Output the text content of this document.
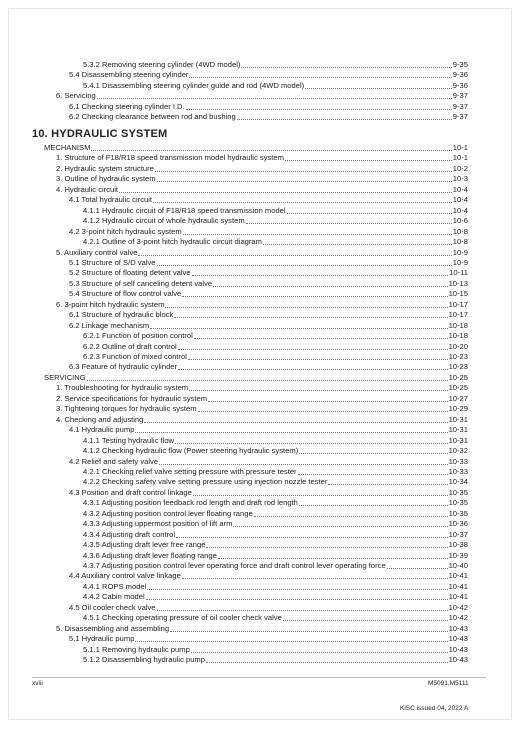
5.3.2 Removing steering cylinder (4WD model)	9-35
5.4 Disassembling steering cylinder	9-36
5.4.1 Disassembling steering cylinder guide and rod (4WD model)	9-36
6. Servicing	9-37
6.1 Checking steering cylinder I.D.	9-37
6.2 Checking clearance between rod and bushing	9-37
10. HYDRAULIC SYSTEM
MECHANISM	10-1
1. Structure of F18/R18 speed transmission model hydraulic system	10-1
2. Hydraulic system structure	10-2
3. Outline of hydraulic system	10-3
4. Hydraulic circuit	10-4
4.1 Total hydraulic circuit	10-4
4.1.1 Hydraulic circuit of F18/R18 speed transmission model	10-4
4.1.2 Hydraulic circuit of whole hydraulic system	10-6
4.2 3-point hitch hydraulic system	10-8
4.2.1 Outline of 3-point hitch hydraulic circuit diagram	10-8
5. Auxiliary control valve	10-9
5.1 Structure of S/D valve	10-9
5.2 Structure of floating detent valve	10-11
5.3 Structure of self canceling detent valve	10-13
5.4 Structure of flow control valve	10-15
6. 3-point hitch hydraulic system	10-17
6.1 Structure of hydraulic block	10-17
6.2 Linkage mechanism	10-18
6.2.1 Function of position control	10-18
6.2.2 Outline of draft control	10-20
6.2.3 Function of mixed control	10-23
6.3 Feature of hydraulic cylinder	10-23
SERVICING	10-25
1. Troubleshooting for hydraulic system	10-25
2. Service specifications for hydraulic system	10-27
3. Tightening torques for hydraulic system	10-29
4. Checking and adjusting	10-31
4.1 Hydraulic pump	10-31
4.1.1 Testing hydraulic flow	10-31
4.1.2 Checking hydraulic flow (Power steering hydraulic system)	10-32
4.2 Relief and safety valve	10-33
4.2.1 Checking relief valve setting pressure with pressure tester	10-33
4.2.2 Checking safety valve setting pressure using injection nozzle tester	10-34
4.3 Position and draft control linkage	10-35
4.3.1 Adjusting position feedback rod length and draft rod length	10-35
4.3.2 Adjusting position control lever floating range	10-35
4.3.3 Adjusting uppermost position of lift arm	10-36
4.3.4 Adjusting draft control	10-37
4.3.5 Adjusting draft lever free range	10-38
4.3.6 Adjusting draft lever floating range	10-39
4.3.7 Adjusting position control lever operating force and draft control lever operating force	10-40
4.4 Auxiliary control valve linkage	10-41
4.4.1 ROPS model	10-41
4.4.2 Cabin model	10-41
4.5 Oil cooler check valve	10-42
4.5.1 Checking operating pressure of oil cooler check valve	10-42
5. Disassembling and assembling	10-43
5.1 Hydraulic pump	10-43
5.1.1 Removing hydraulic pump	10-43
5.1.2 Disassembling hydraulic pump	10-43
xviii	M5091,M5111
KiSC issued 04, 2022 A
